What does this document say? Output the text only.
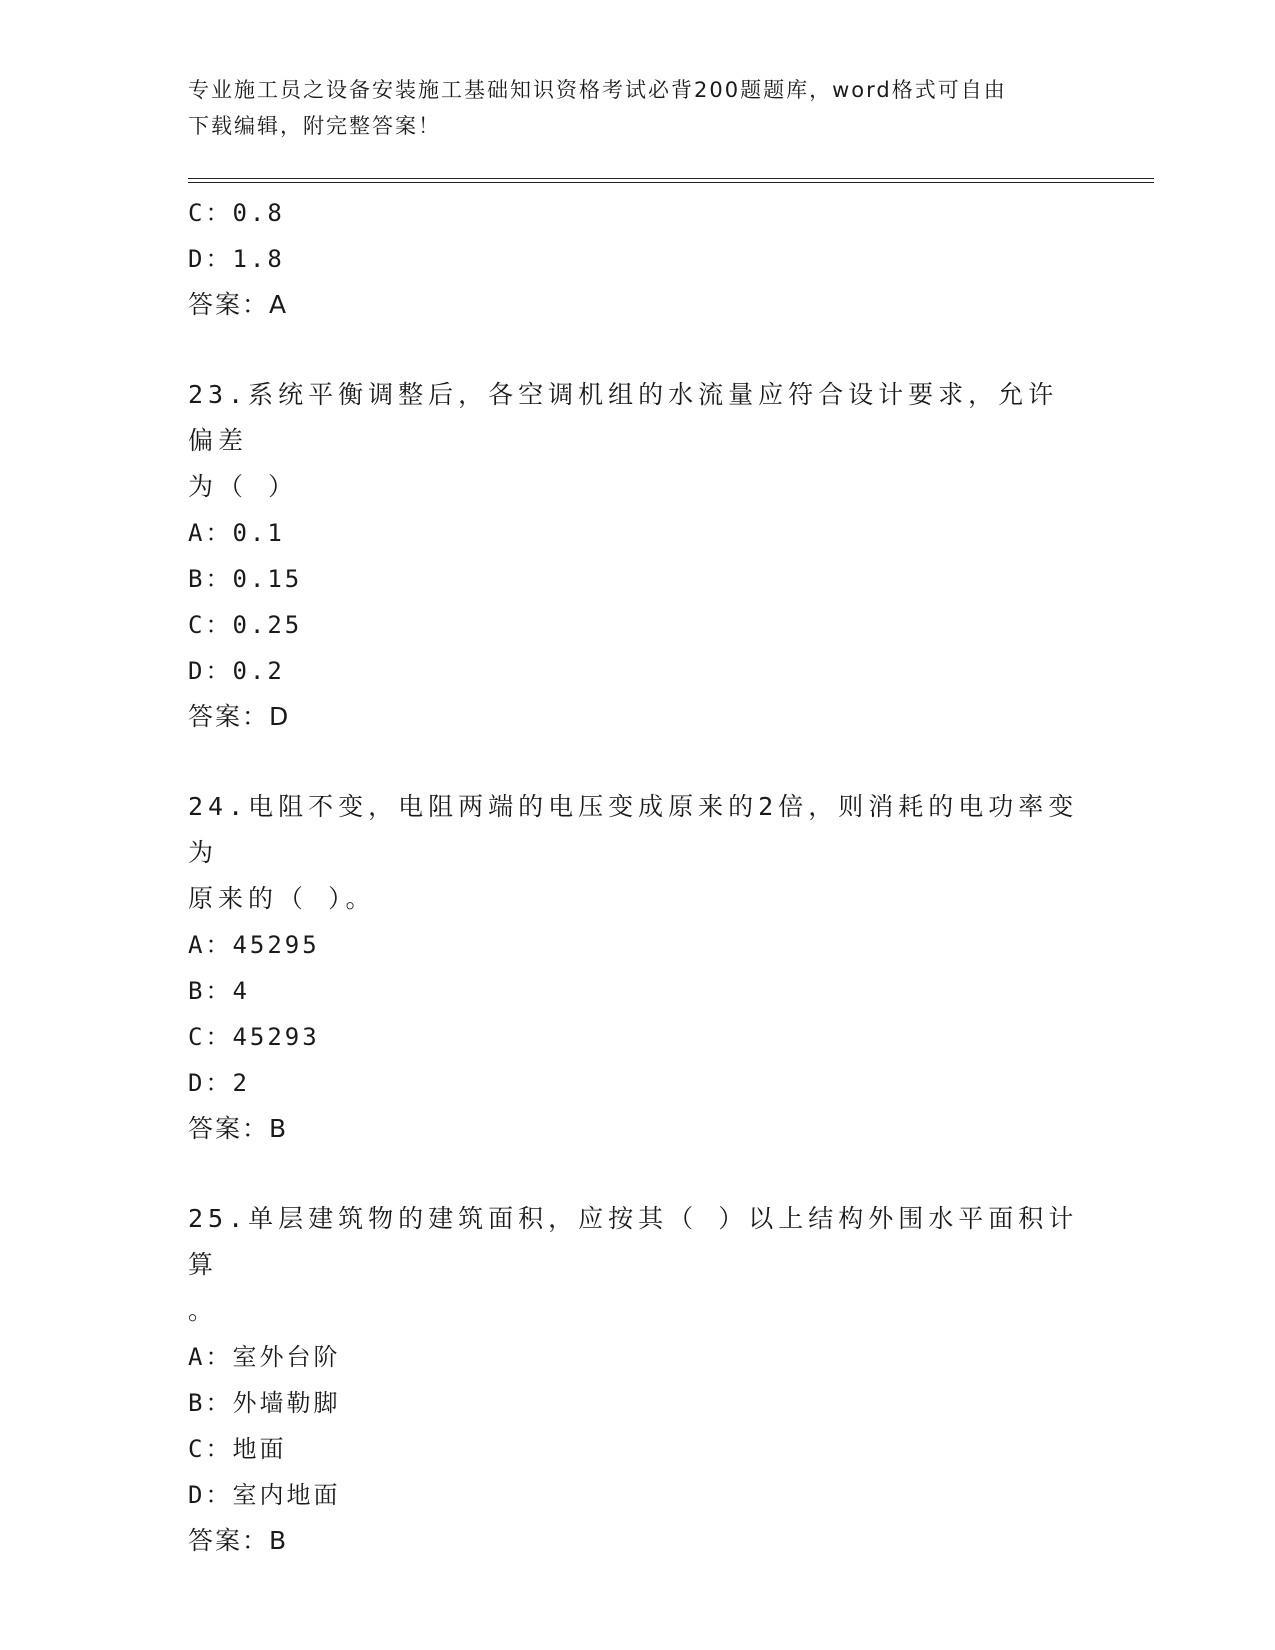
专业施工员之设备安装施工基础知识资格考试必背200题题库，word格式可自由
下载编辑，附完整答案！
C：0.8
D：1.8
答案：A
23.系统平衡调整后，各空调机组的水流量应符合设计要求，允许偏差
为（ ）
A：0.1
B：0.15
C：0.25
D：0.2
答案：D
24.电阻不变，电阻两端的电压变成原来的2倍，则消耗的电功率变为
原来的（ ）。
A：45295
B：4
C：45293
D：2
答案：B
25.单层建筑物的建筑面积，应按其（ ）以上结构外围水平面积计算
。
A：室外台阶
B：外墙勒脚
C：地面
D：室内地面
答案：B
